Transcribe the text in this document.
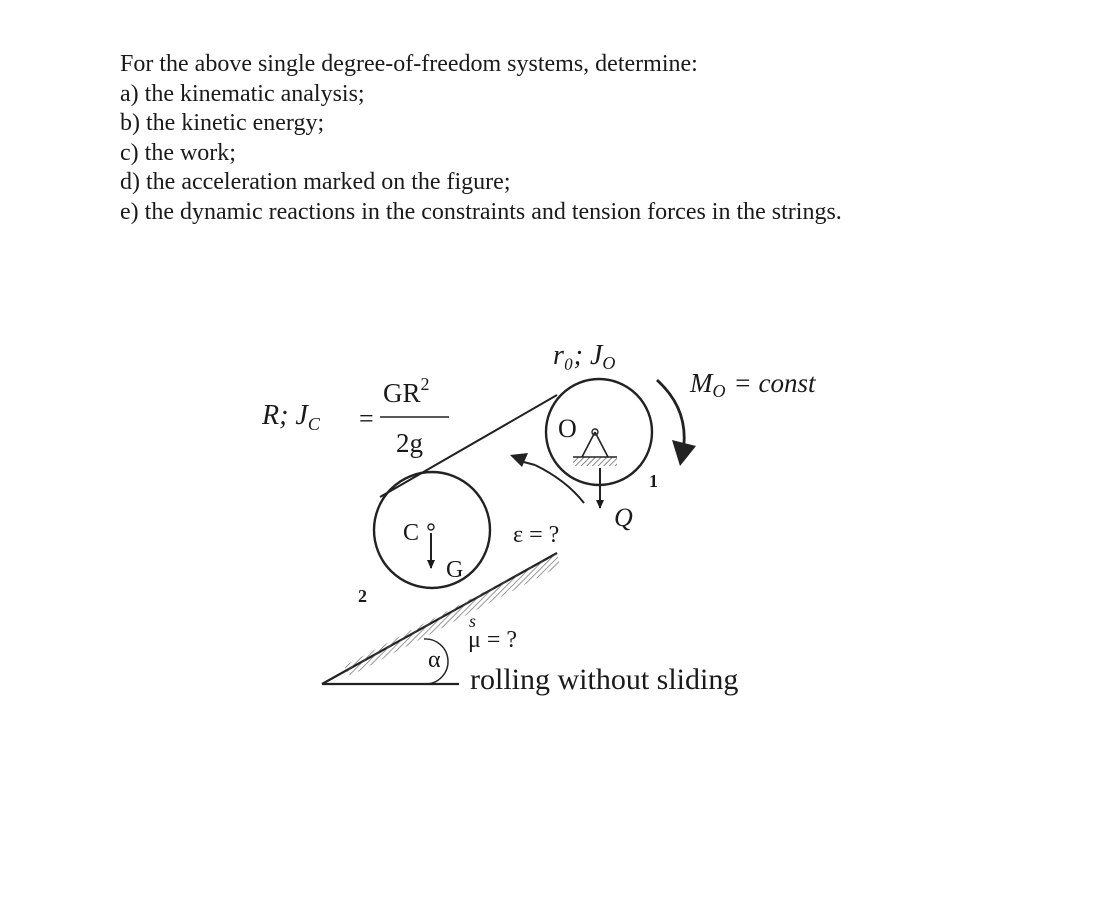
For the above single degree-of-freedom systems, determine:
a) the kinematic analysis;
b) the kinetic energy;
c) the work;
d) the acceleration marked on the figure;
e) the dynamic reactions in the constraints and tension forces in the strings.
r₀; JO
MO = const
R; $J_C$ =
$GR^2$
2g	O
C
G
Q
ε = ?
1
2
s
α
μ = ?
rolling without sliding
